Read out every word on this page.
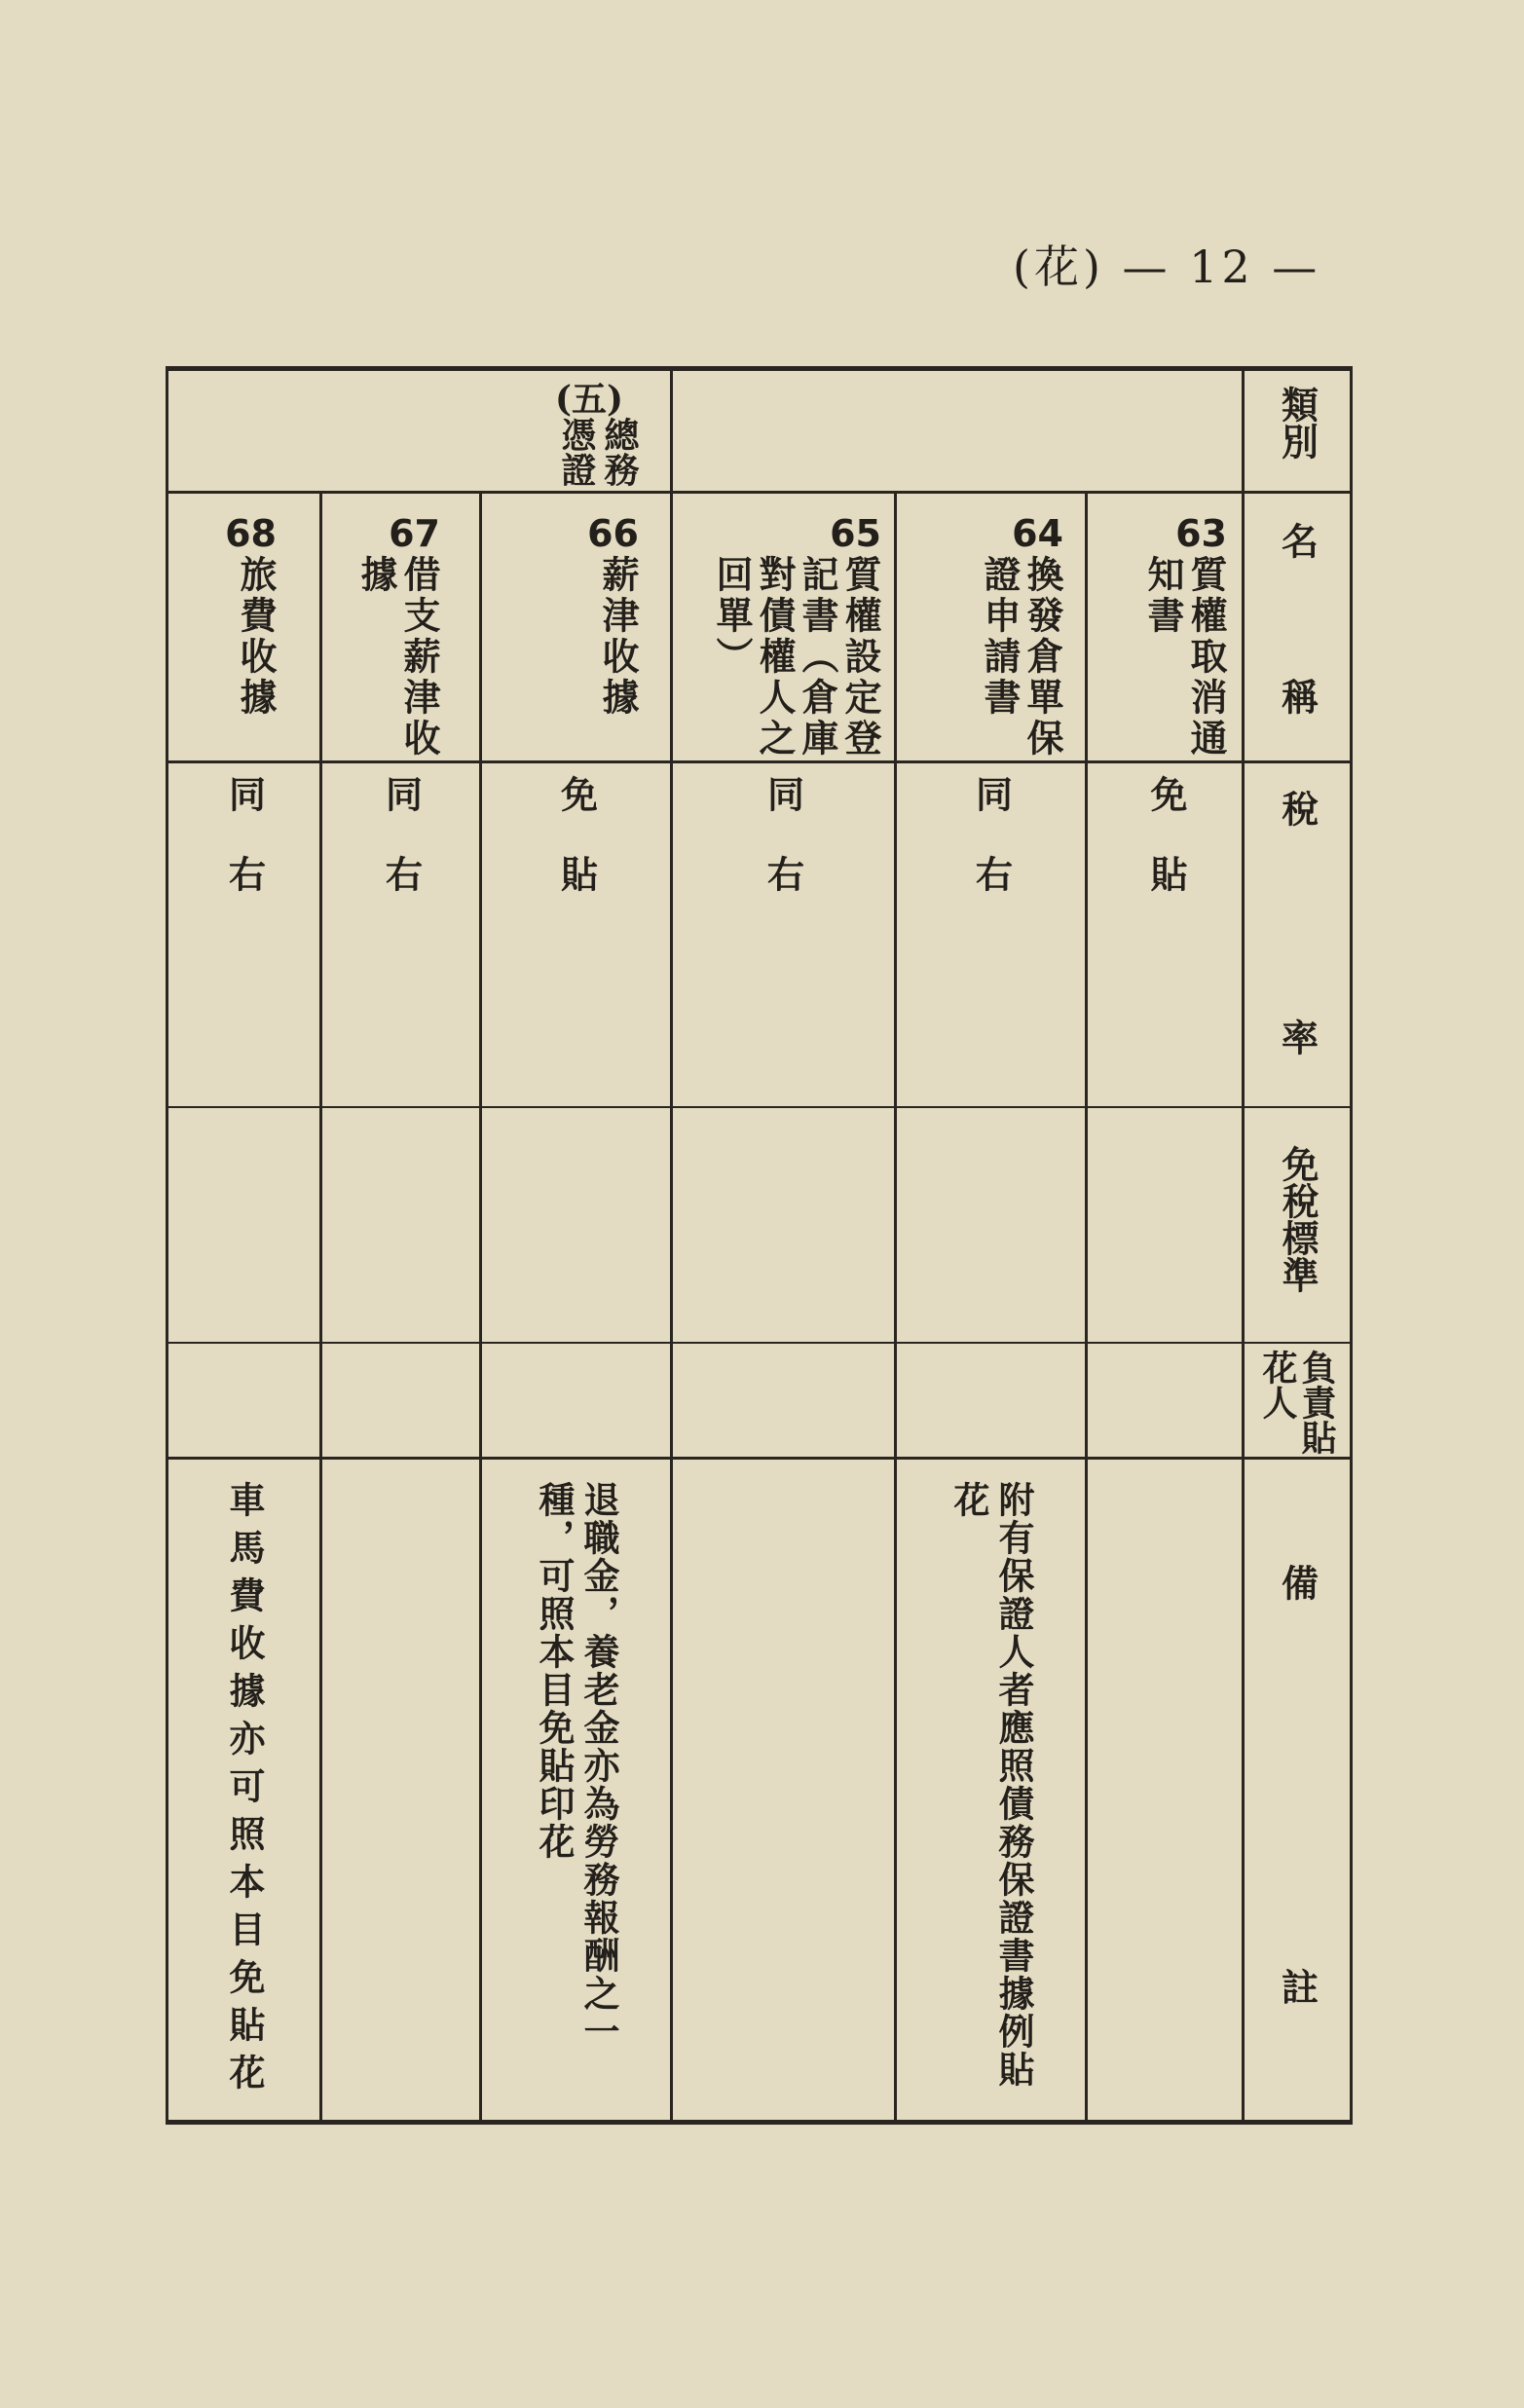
(花) — 12 —
類別
名
稱
稅
率
免稅標準
負責貼花人
備
註
(五)
總務憑證
63
質權取消通知書
免貼
64
換發倉單保證申請書
同右
附有保證人者應照債務保證書據例貼花
65
質權設定登記書（倉庫對債權人之回單）
同右
66
薪津收據
免貼
退職金，養老金亦為勞務報酬之一種，可照本目免貼印花
67
借支薪津收據
同右
68
旅費收據
同右
車馬費收據亦可照本目免貼花
